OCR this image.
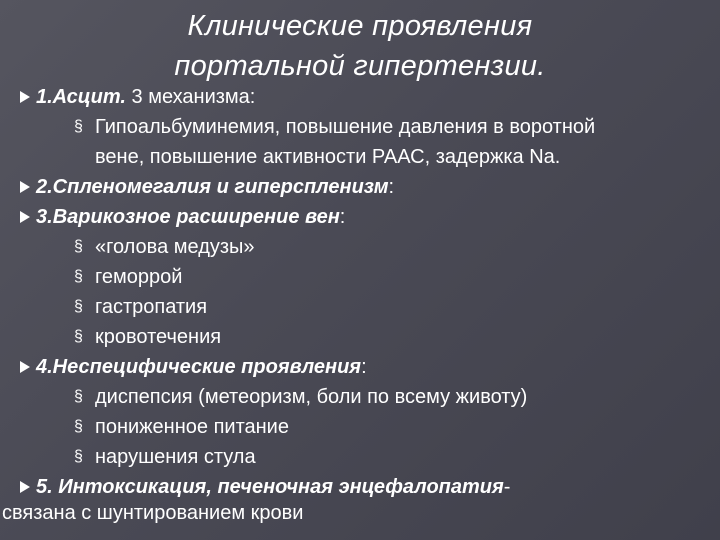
Клинические проявления
портальной гипертензии.
1.Асцит. 3 механизма:
§ Гипоальбуминемия, повышение давления в воротной
вене, повышение активности РААС, задержка Na.
2.Спленомегалия и гиперспленизм:
3.Варикозное расширение вен:
§ «голова медузы»
§ геморрой
§ гастропатия
§ кровотечения
4.Неспецифические проявления:
§ диспепсия (метеоризм, боли по всему животу)
§ пониженное питание
§ нарушения стула
5. Интоксикация, печеночная энцефалопатия-
связана с шунтированием крови
